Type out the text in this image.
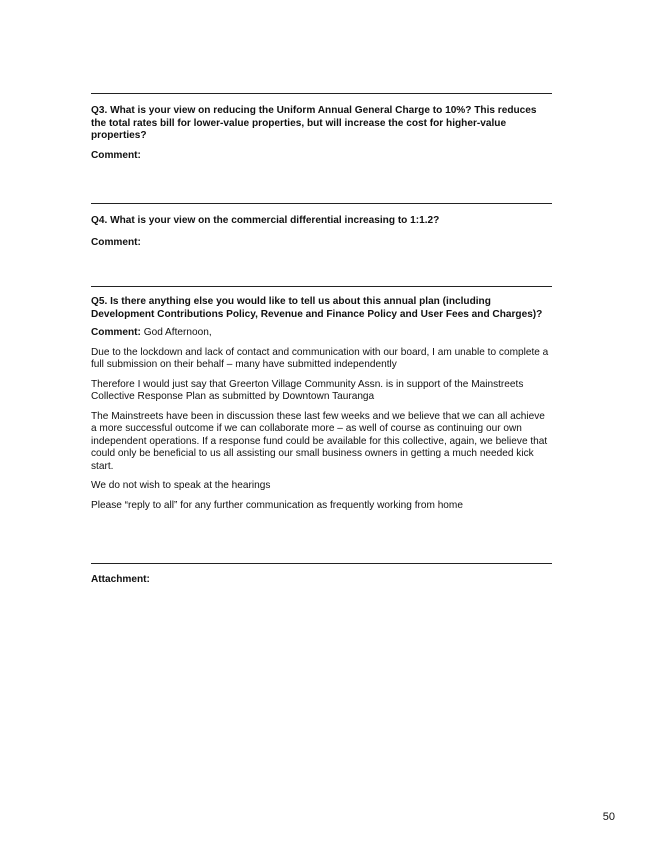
Q3. What is your view on reducing the Uniform Annual General Charge to 10%? This reduces the total rates bill for lower-value properties, but will increase the cost for higher-value properties?

Comment:

Q4. What is your view on the commercial differential increasing to 1:1.2?

Comment:

Q5. Is there anything else you would like to tell us about this annual plan (including Development Contributions Policy, Revenue and Finance Policy and User Fees and Charges)?

Comment: God Afternoon,

Due to the lockdown and lack of contact and communication with our board, I am unable to complete a full submission on their behalf – many have submitted independently

Therefore I would just say that Greerton Village Community Assn. is in support of the Mainstreets Collective Response Plan as submitted by Downtown Tauranga

The Mainstreets have been in discussion these last few weeks and we believe that we can all achieve a more successful outcome if we can collaborate more – as well of course as continuing our own independent operations. If a response fund could be available for this collective, again, we believe that could only be beneficial to us all assisting our small business owners in getting a much needed kick start.

We do not wish to speak at the hearings

Please “reply to all” for any further communication as frequently working from home

Attachment:

50
